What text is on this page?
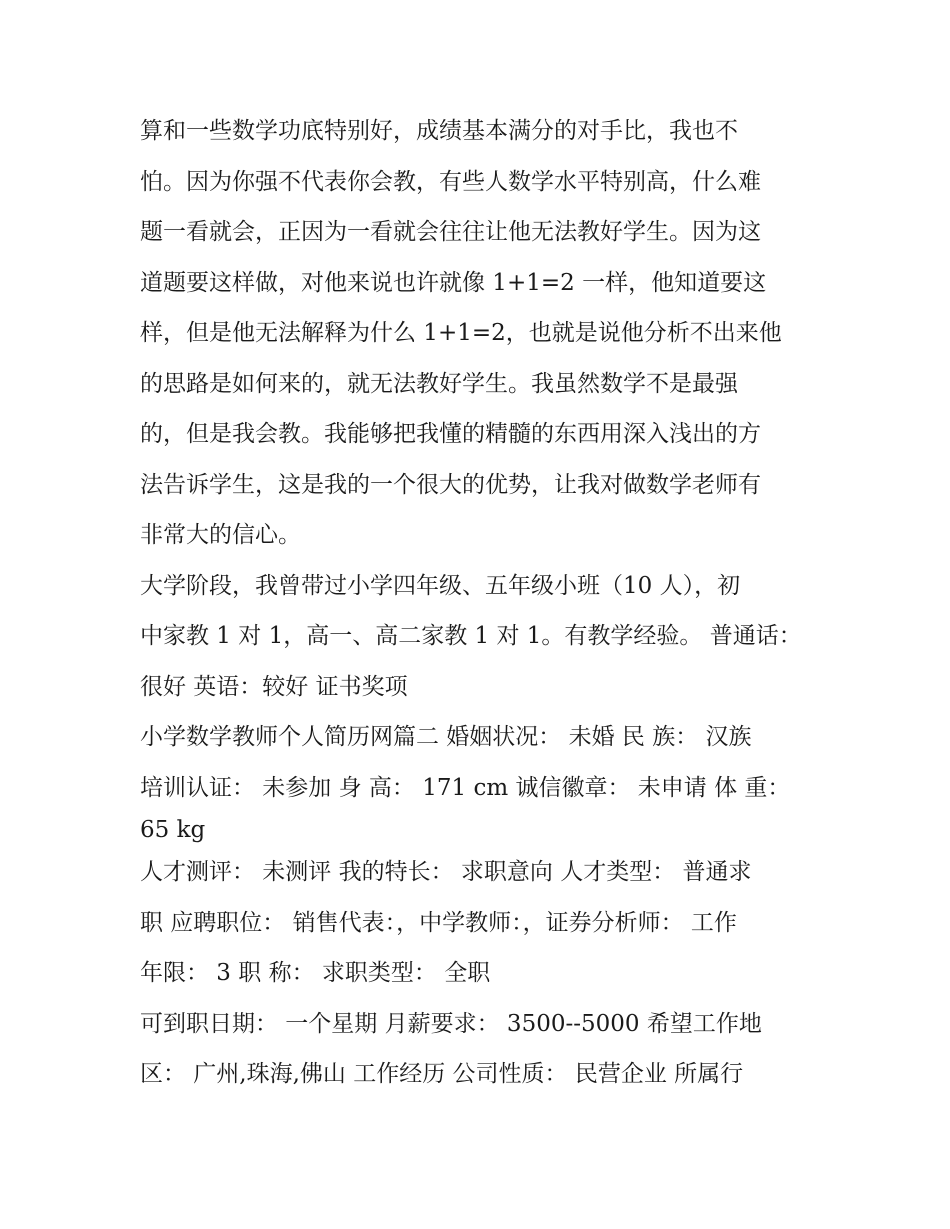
算和一些数学功底特别好，成绩基本满分的对手比，我也不
怕。因为你强不代表你会教，有些人数学水平特别高，什么难
题一看就会，正因为一看就会往往让他无法教好学生。因为这
道题要这样做，对他来说也许就像 1+1=2 一样，他知道要这
样，但是他无法解释为什么 1+1=2，也就是说他分析不出来他
的思路是如何来的，就无法教好学生。我虽然数学不是最强
的，但是我会教。我能够把我懂的精髓的东西用深入浅出的方
法告诉学生，这是我的一个很大的优势，让我对做数学老师有
非常大的信心。
大学阶段，我曾带过小学四年级、五年级小班（10 人），初
中家教 1 对 1，高一、高二家教 1 对 1。有教学经验。 普通话：
很好 英语：较好 证书奖项
小学数学教师个人简历网篇二 婚姻状况： 未婚 民 族： 汉族
培训认证： 未参加 身 高： 171 cm 诚信徽章： 未申请 体 重：
65 kg
人才测评： 未测评 我的特长： 求职意向 人才类型： 普通求
职 应聘职位： 销售代表：，中学教师：，证券分析师： 工作
年限： 3 职 称： 求职类型： 全职
可到职日期： 一个星期 月薪要求： 3500--5000 希望工作地
区： 广州,珠海,佛山 工作经历 公司性质： 民营企业 所属行
